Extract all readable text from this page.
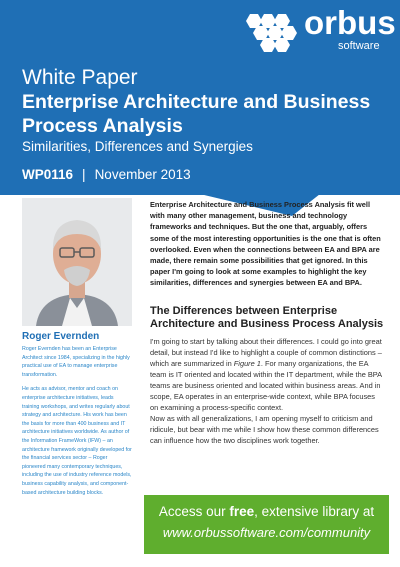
orbus
software
White Paper
Enterprise Architecture and Business Process Analysis
Similarities, Differences and Synergies
WP0116 | November 2013
Roger Evernden

Roger Evernden has been an Enterprise Architect since 1984, specializing in the highly practical use of EA to manage enterprise transformation.

He acts as advisor, mentor and coach on enterprise architecture initiatives, leads training workshops, and writes regularly about strategy and architecture. His work has been the basis for more than 400 business and IT architecture initiatives worldwide. As author of the Information FrameWork (IFW) – an architecture framework originally developed for the financial services sector – Roger pioneered many contemporary techniques, including the use of industry reference models, business capability analysis, and component-based architecture building blocks.

Enterprise Architecture and Business Process Analysis fit well with many other management, business and technology frameworks and techniques. But the one that, arguably, offers some of the most interesting opportunities is the one that is often overlooked. Even when the connections between EA and BPA are made, there remain some possibilities that get ignored. In this paper I'm going to look at some examples to highlight the key similarities, differences and synergies between EA and BPA.

The Differences between Enterprise Architecture and Business Process Analysis

I'm going to start by talking about their differences. I could go into great detail, but instead I'd like to highlight a couple of common distinctions – which are summarized in Figure 1. For many organizations, the EA team is IT oriented and located within the IT department, while the BPA teams are business oriented and located within business areas. And in scope, EA operates in an enterprise-wide context, while BPA focuses on examining a process-specific context.

Now as with all generalizations, I am opening myself to criticism and ridicule, but bear with me while I show how these common differences can influence how the two disciplines work together.

Access our free, extensive library at
www.orbussoftware.com/community
